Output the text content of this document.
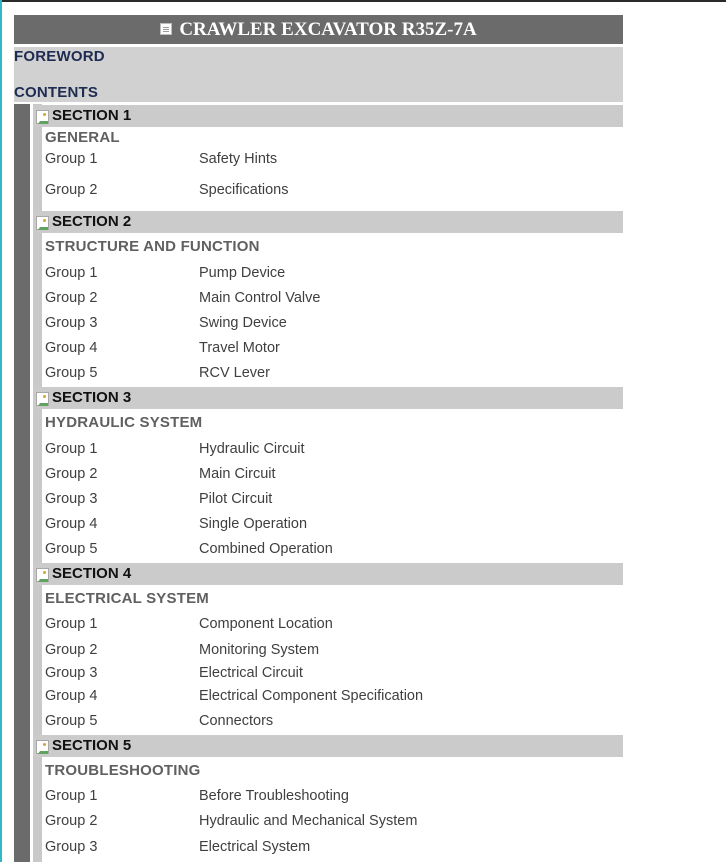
CRAWLER EXCAVATOR R35Z-7A
FOREWORD
CONTENTS
SECTION 1
GENERAL
Group 1	Safety Hints
Group 2	Specifications
SECTION 2
STRUCTURE AND FUNCTION
Group 1	Pump Device
Group 2	Main Control Valve
Group 3	Swing Device
Group 4	Travel Motor
Group 5	RCV Lever
SECTION 3
HYDRAULIC SYSTEM
Group 1	Hydraulic Circuit
Group 2	Main Circuit
Group 3	Pilot Circuit
Group 4	Single Operation
Group 5	Combined Operation
SECTION 4
ELECTRICAL SYSTEM
Group 1	Component Location
Group 2	Monitoring System
Group 3	Electrical Circuit
Group 4	Electrical Component Specification
Group 5	Connectors
SECTION 5
TROUBLESHOOTING
Group 1	Before Troubleshooting
Group 2	Hydraulic and Mechanical System
Group 3	Electrical System
